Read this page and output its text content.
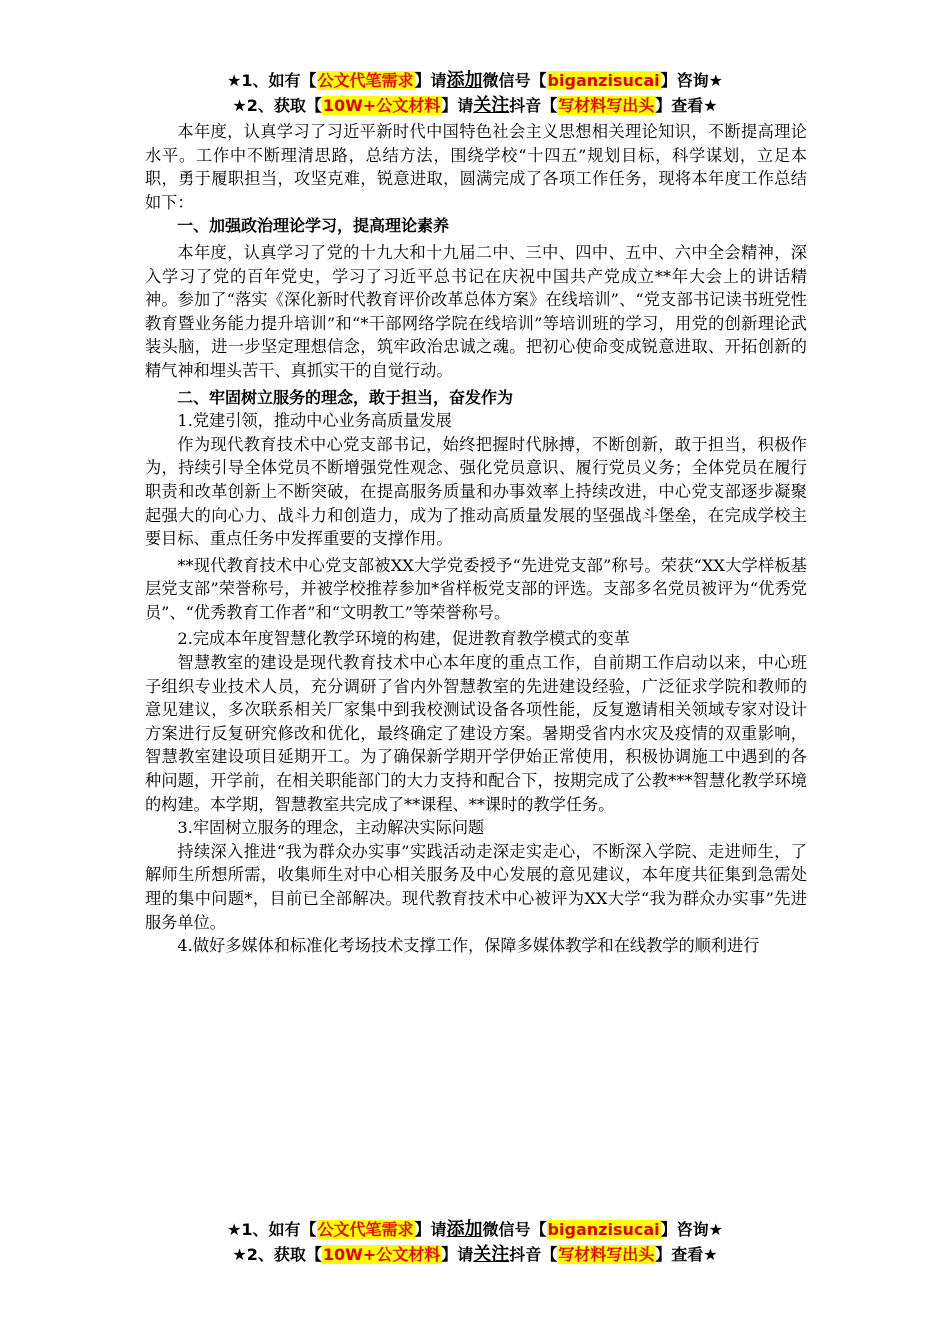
★1、如有【公文代笔需求】请添加微信号【biganzisucai】咨询★
★2、获取【10W+公文材料】请关注抖音【写材料写出头】查看★

本年度，认真学习了习近平新时代中国特色社会主义思想相关理论知识，不断提高理论水平。工作中不断理清思路，总结方法，围绕学校“十四五”规划目标，科学谋划，立足本职，勇于履职担当，攻坚克难，锐意进取，圆满完成了各项工作任务，现将本年度工作总结如下：

一、加强政治理论学习，提高理论素养

本年度，认真学习了党的十九大和十九届二中、三中、四中、五中、六中全会精神，深入学习了党的百年党史，学习了习近平总书记在庆祝中国共产党成立**年大会上的讲话精神。参加了“落实《深化新时代教育评价改革总体方案》在线培训”、“党支部书记读书班党性教育暨业务能力提升培训”和“*干部网络学院在线培训”等培训班的学习，用党的创新理论武装头脑，进一步坚定理想信念，筑牢政治忠诚之魂。把初心使命变成锐意进取、开拓创新的精气神和埋头苦干、真抓实干的自觉行动。

二、牢固树立服务的理念，敢于担当，奋发作为

1.党建引领，推动中心业务高质量发展

作为现代教育技术中心党支部书记，始终把握时代脉搏，不断创新，敢于担当，积极作为，持续引导全体党员不断增强党性观念、强化党员意识、履行党员义务；全体党员在履行职责和改革创新上不断突破，在提高服务质量和办事效率上持续改进，中心党支部逐步凝聚起强大的向心力、战斗力和创造力，成为了推动高质量发展的坚强战斗堡垒，在完成学校主要目标、重点任务中发挥重要的支撑作用。

**现代教育技术中心党支部被XX大学党委授予“先进党支部”称号。荣获“XX大学样板基层党支部”荣誉称号，并被学校推荐参加*省样板党支部的评选。支部多名党员被评为“优秀党员”、“优秀教育工作者”和“文明教工”等荣誉称号。

2.完成本年度智慧化教学环境的构建，促进教育教学模式的变革

智慧教室的建设是现代教育技术中心本年度的重点工作，自前期工作启动以来，中心班子组织专业技术人员，充分调研了省内外智慧教室的先进建设经验，广泛征求学院和教师的意见建议，多次联系相关厂家集中到我校测试设备各项性能，反复邀请相关领域专家对设计方案进行反复研究修改和优化，最终确定了建设方案。暑期受省内水灾及疫情的双重影响，智慧教室建设项目延期开工。为了确保新学期开学伊始正常使用，积极协调施工中遇到的各种问题，开学前，在相关职能部门的大力支持和配合下，按期完成了公教***智慧化教学环境的构建。本学期，智慧教室共完成了**课程、**课时的教学任务。

3.牢固树立服务的理念，主动解决实际问题

持续深入推进“我为群众办实事”实践活动走深走实走心，不断深入学院、走进师生，了解师生所想所需，收集师生对中心相关服务及中心发展的意见建议，本年度共征集到急需处理的集中问题*，目前已全部解决。现代教育技术中心被评为XX大学“我为群众办实事”先进服务单位。

4.做好多媒体和标准化考场技术支撑工作，保障多媒体教学和在线教学的顺利进行

★1、如有【公文代笔需求】请添加微信号【biganzisucai】咨询★
★2、获取【10W+公文材料】请关注抖音【写材料写出头】查看★
